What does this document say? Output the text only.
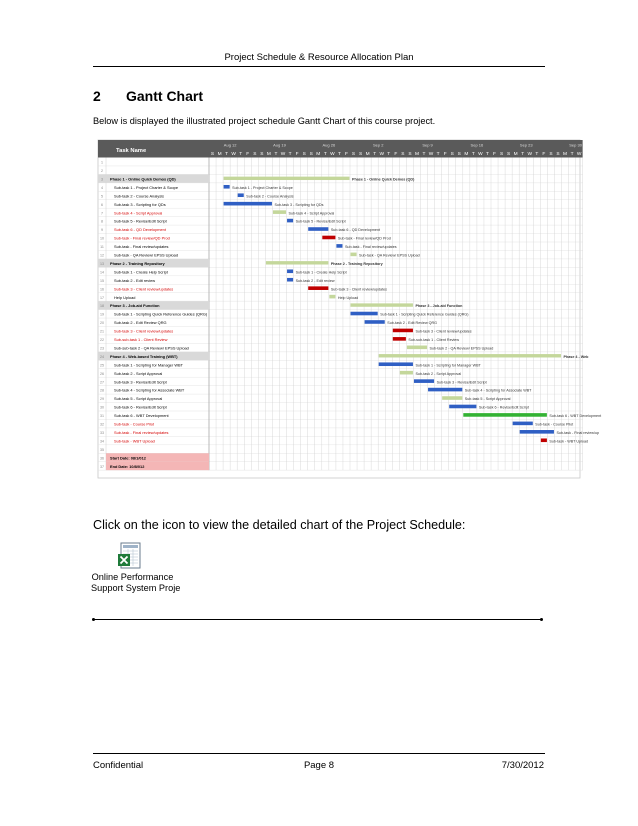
Project Schedule & Resource Allocation Plan
2 Gantt Chart
Below is displayed the illustrated project schedule Gantt Chart of this course project.
Task Name
Aug 12	Aug 19	Aug 26	Sep 2	Sep 9	Sep 16	Sep 23	Sep 30
S M T W T F S S M T W T F S S M T W T F S S M T W T F S S M T W T F S S M T W T F S S M T W T F S S M T W
1
2
3 Phase 1 - Online Quick Demos (QD)	Phase 1 - Online Quick Demos (QD)
4	Sub-task 1 - Project Charter & Scope	Sub-task 1 - Project Charter & Scope
5	Sub-task 2 - Course Analysis	Sub-task 2 - Course Analysis
6	Sub-task 3 - Scripting for QDs	Sub-task 3 - Scripting for QDs
7	Sub-task 4 - Script Approval	Sub-task 4 - Script Approval
8	Sub-task 5 - Revise/Edit Script	Sub-task 5 - Revise/Edit Script
9	Sub-task 6 - QD Development	Sub-task 6 - QD Development
10	Sub-task - Final review/QD Prod	Sub-task - Final review/QD Prod
11	Sub-task - Final review/updates	Sub-task - Final review/updates
12	Sub-task - QA Review/ EPSS Upload	Sub-task - QA Review/ EPSS Upload
13 Phase 2 - Training Repository	Phase 2 - Training Repository
14	Sub-task 1 - Create Help Script	Sub-task 1 - Create Help Script
15	Sub-task 2 - Edit review	Sub-task 2 - Edit review
16	Sub-task 3 - Client review/updates	Sub-task 3 - Client review/updates
17	Help Upload	Help Upload
18 Phase 3 - Job-aid Function	Phase 3 - Job-aid Function
19	Sub-task 1 - Scripting Quick Reference Guides (QRG)	Sub-task 1 - Scripting Quick Reference Guides (QRG)
20	Sub-task 2 - Edit Review QRG	Sub-task 2 - Edit Review QRG
21	Sub-task 3 - Client review/updates	Sub-task 3 - Client review/updates
22	Sub-sub-task 1 - Client Review	Sub-sub-task 1 - Client Review
23	Sub-sub-task 2 - QA Review/ EPSS Upload	Sub-task 2 - QA Review/ EPSS Upload
24 Phase 4 - Web-based Training (WBT)	Phase 4 - Web
25	Sub-task 1 - Scripting for Manager WBT	Sub-task 1 - Scripting for Manager WBT
26	Sub-task 2 - Script Approval	Sub-task 2 - Script Approval
27	Sub-task 3 - Revise/Edit Script	Sub-task 3 - Revise/Edit Script
28	Sub-task 4 - Scripting for Associate WBT	Sub-task 4 - Scripting for Associate WBT
29	Sub-task 5 - Script Approval	Sub-task 5 - Script Approval
30	Sub-task 6 - Revise/Edit Script	Sub-task 6 - Revise/Edit Script
31	Sub-task 6 - WBT Development	Sub-task 6 - WBT Development
32	Sub-task - Course Pilot	Sub-task - Course Pilot
33	Sub-task - Final review/updates	Sub-task - Final review/up
34	Sub-task - WBT Upload	Sub-task - WBT Upload
35
36 Start Date: 08/1/012
37 End Date: 10/8/012
Click on the icon to view the detailed chart of the Project Schedule:
Online Performance
Support System Proje
Confidential	Page 8	7/30/2012
